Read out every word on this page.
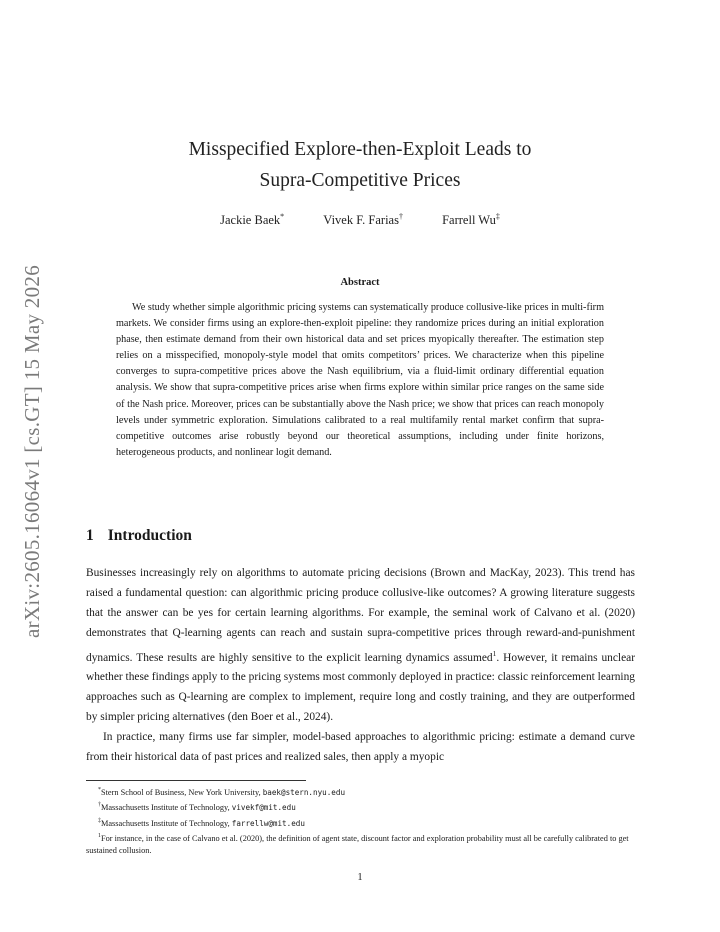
arXiv:2605.16064v1 [cs.GT] 15 May 2026
Misspecified Explore-then-Exploit Leads to
Supra-Competitive Prices
Jackie Baek*	Vivek F. Farias†	Farrell Wu‡
Abstract
We study whether simple algorithmic pricing systems can systematically produce collusive-like prices in multi-firm markets. We consider firms using an explore-then-exploit pipeline: they randomize prices during an initial exploration phase, then estimate demand from their own historical data and set prices myopically thereafter. The estimation step relies on a misspecified, monopoly-style model that omits competitors’ prices. We characterize when this pipeline converges to supra-competitive prices above the Nash equilibrium, via a fluid-limit ordinary differential equation analysis. We show that supra-competitive prices arise when firms explore within similar price ranges on the same side of the Nash price. Moreover, prices can be substantially above the Nash price; we show that prices can reach monopoly levels under symmetric exploration. Simulations calibrated to a real multifamily rental market confirm that supra-competitive outcomes arise robustly beyond our theoretical assumptions, including under finite horizons, heterogeneous products, and nonlinear logit demand.
1 Introduction

Businesses increasingly rely on algorithms to automate pricing decisions (Brown and MacKay, 2023). This trend has raised a fundamental question: can algorithmic pricing produce collusive-like outcomes? A growing literature suggests that the answer can be yes for certain learning algorithms. For example, the seminal work of Calvano et al. (2020) demonstrates that Q-learning agents can reach and sustain supra-competitive prices through reward-and-punishment dynamics. These results are highly sensitive to the explicit learning dynamics assumed$^1$. However, it remains unclear whether these findings apply to the pricing systems most commonly deployed in practice: classic reinforcement learning approaches such as Q-learning are complex to implement, require long and costly training, and they are outperformed by simpler pricing alternatives (den Boer et al., 2024).

In practice, many firms use far simpler, model-based approaches to algorithmic pricing: estimate a demand curve from their historical data of past prices and realized sales, then apply a myopic

*Stern School of Business, New York University, baek@stern.nyu.edu
†Massachusetts Institute of Technology, vivekf@mit.edu
‡Massachusetts Institute of Technology, farrellw@mit.edu
$^1$For instance, in the case of Calvano et al. (2020), the definition of agent state, discount factor and exploration probability must all be carefully calibrated to get sustained collusion.
1
